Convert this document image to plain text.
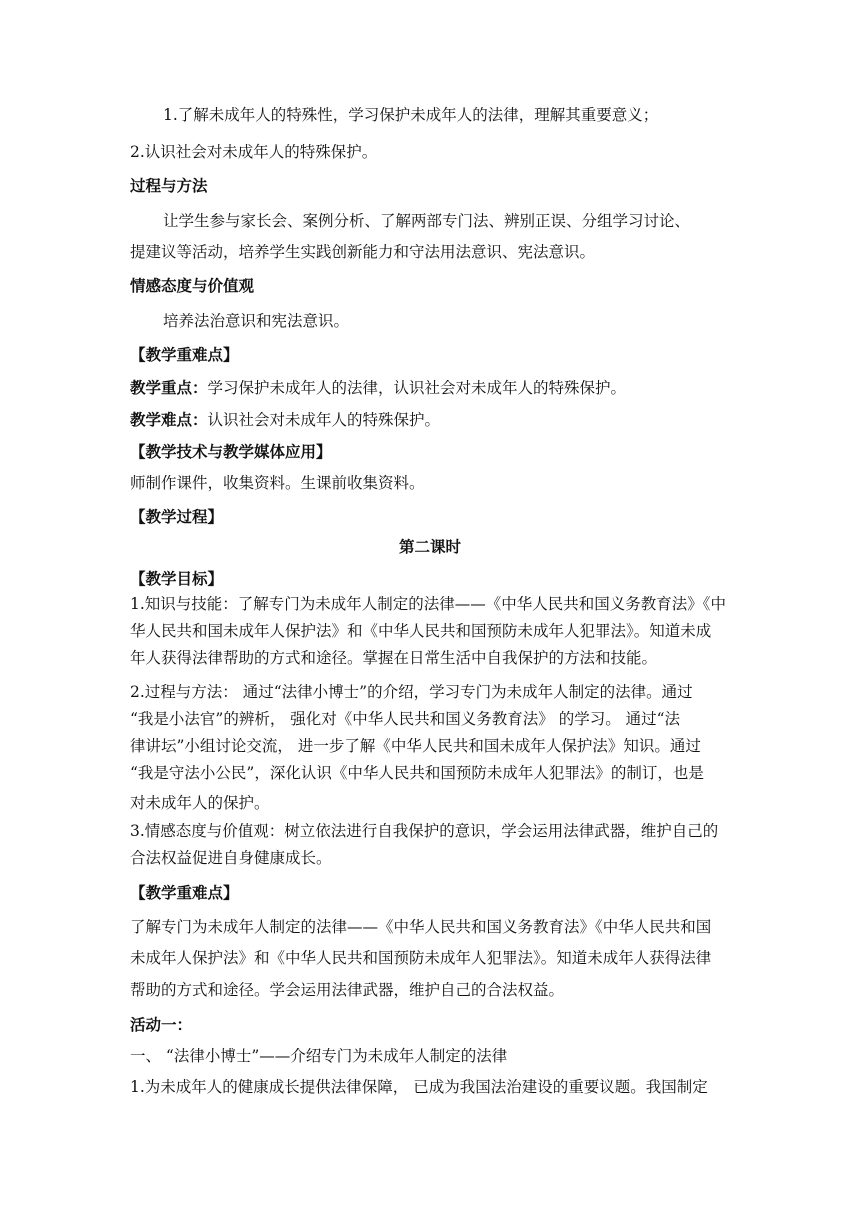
1.了解未成年人的特殊性，学习保护未成年人的法律，理解其重要意义；
2.认识社会对未成年人的特殊保护。
过程与方法
让学生参与家长会、案例分析、了解两部专门法、辨别正误、分组学习讨论、
提建议等活动，培养学生实践创新能力和守法用法意识、宪法意识。
情感态度与价值观
培养法治意识和宪法意识。
【教学重难点】
教学重点：学习保护未成年人的法律，认识社会对未成年人的特殊保护。
教学难点：认识社会对未成年人的特殊保护。
【教学技术与教学媒体应用】
师制作课件，收集资料。生课前收集资料。
【教学过程】
第二课时
【教学目标】
1.知识与技能：了解专门为未成年人制定的法律——《中华人民共和国义务教育法》《中
华人民共和国未成年人保护法》和《中华人民共和国预防未成年人犯罪法》。知道未成
年人获得法律帮助的方式和途径。掌握在日常生活中自我保护的方法和技能。
2.过程与方法： 通过“法律小博士”的介绍，学习专门为未成年人制定的法律。通过
“我是小法官”的辨析， 强化对《中华人民共和国义务教育法》 的学习。 通过“法
律讲坛”小组讨论交流， 进一步了解《中华人民共和国未成年人保护法》知识。通过
“我是守法小公民”，深化认识《中华人民共和国预防未成年人犯罪法》的制订，也是
对未成年人的保护。
3.情感态度与价值观：树立依法进行自我保护的意识，学会运用法律武器，维护自己的
合法权益促进自身健康成长。
【教学重难点】
了解专门为未成年人制定的法律——《中华人民共和国义务教育法》《中华人民共和国
未成年人保护法》和《中华人民共和国预防未成年人犯罪法》。知道未成年人获得法律
帮助的方式和途径。学会运用法律武器，维护自己的合法权益。
活动一：
一、 “法律小博士”——介绍专门为未成年人制定的法律
1.为未成年人的健康成长提供法律保障， 已成为我国法治建设的重要议题。我国制定
